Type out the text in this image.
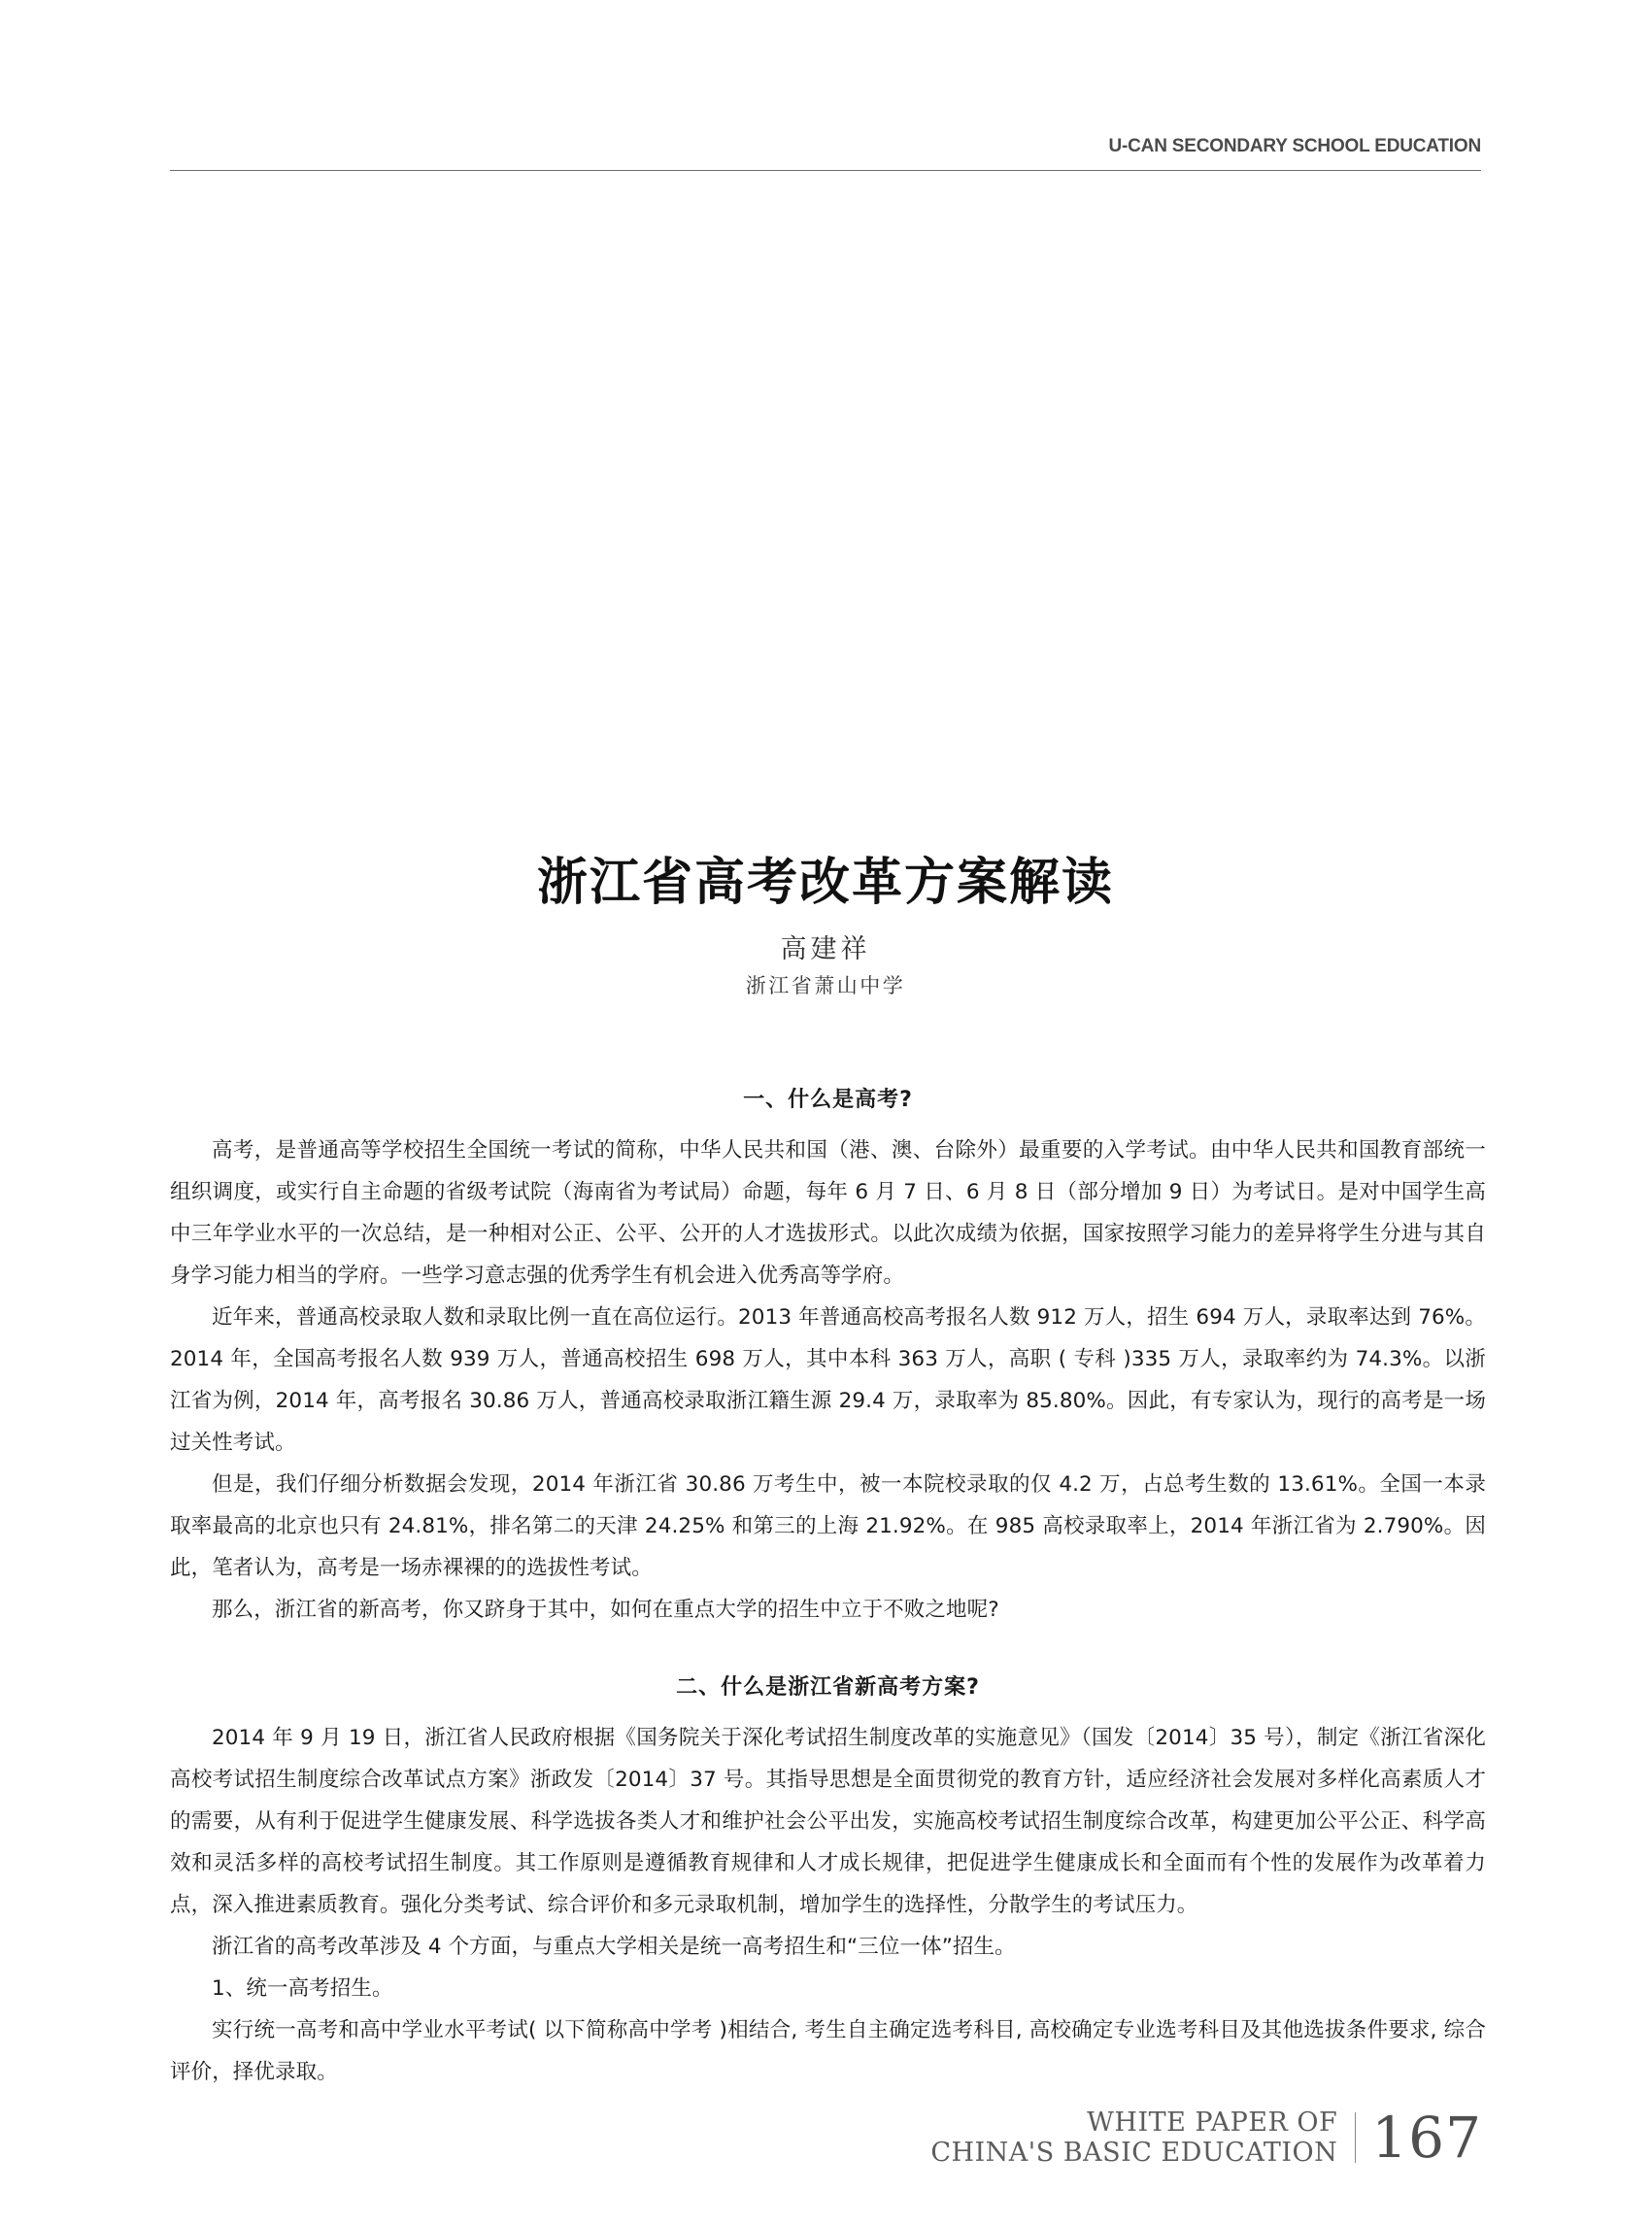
U-CAN SECONDARY SCHOOL EDUCATION
浙江省高考改革方案解读
高建祥
浙江省萧山中学
一、什么是高考?

高考，是普通高等学校招生全国统一考试的简称，中华人民共和国（港、澳、台除外）最重要的入学考试。由中华人民共和国教育部统一组织调度，或实行自主命题的省级考试院（海南省为考试局）命题，每年 6 月 7 日、6 月 8 日（部分增加 9 日）为考试日。是对中国学生高中三年学业水平的一次总结，是一种相对公正、公平、公开的人才选拔形式。以此次成绩为依据，国家按照学习能力的差异将学生分进与其自身学习能力相当的学府。一些学习意志强的优秀学生有机会进入优秀高等学府。

近年来，普通高校录取人数和录取比例一直在高位运行。2013 年普通高校高考报名人数 912 万人，招生 694 万人，录取率达到 76%。2014 年，全国高考报名人数 939 万人，普通高校招生 698 万人，其中本科 363 万人，高职 ( 专科 )335 万人，录取率约为 74.3%。以浙江省为例，2014 年，高考报名 30.86 万人，普通高校录取浙江籍生源 29.4 万，录取率为 85.80%。因此，有专家认为，现行的高考是一场过关性考试。

但是，我们仔细分析数据会发现，2014 年浙江省 30.86 万考生中，被一本院校录取的仅 4.2 万，占总考生数的 13.61%。全国一本录取率最高的北京也只有 24.81%，排名第二的天津 24.25% 和第三的上海 21.92%。在 985 高校录取率上，2014 年浙江省为 2.790%。因此，笔者认为，高考是一场赤裸裸的的选拔性考试。

那么，浙江省的新高考，你又跻身于其中，如何在重点大学的招生中立于不败之地呢?

二、什么是浙江省新高考方案?

2014 年 9 月 19 日，浙江省人民政府根据《国务院关于深化考试招生制度改革的实施意见》（国发〔2014〕35 号），制定《浙江省深化高校考试招生制度综合改革试点方案》浙政发〔2014〕37 号。其指导思想是全面贯彻党的教育方针，适应经济社会发展对多样化高素质人才的需要，从有利于促进学生健康发展、科学选拔各类人才和维护社会公平出发，实施高校考试招生制度综合改革，构建更加公平公正、科学高效和灵活多样的高校考试招生制度。其工作原则是遵循教育规律和人才成长规律，把促进学生健康成长和全面而有个性的发展作为改革着力点，深入推进素质教育。强化分类考试、综合评价和多元录取机制，增加学生的选择性，分散学生的考试压力。

浙江省的高考改革涉及 4 个方面，与重点大学相关是统一高考招生和“三位一体”招生。

1、统一高考招生。

实行统一高考和高中学业水平考试( 以下简称高中学考 )相结合, 考生自主确定选考科目, 高校确定专业选考科目及其他选拔条件要求, 综合评价，择优录取。

WHITE PAPER OF
CHINA'S BASIC EDUCATION 167
